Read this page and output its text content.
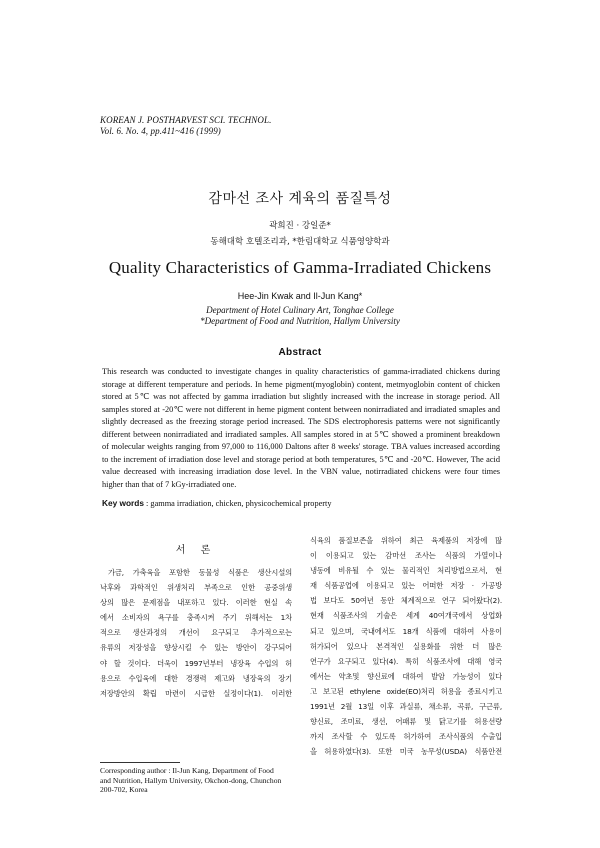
KOREAN J. POSTHARVEST SCI. TECHNOL.
Vol. 6. No. 4, pp.411~416 (1999)
감마선 조사 계육의 품질특성
곽희진 · 강일준*
동해대학 호텔조리과, *한림대학교 식품영양학과
Quality Characteristics of Gamma-Irradiated Chickens
Hee-Jin Kwak and Il-Jun Kang*
Department of Hotel Culinary Art, Tonghae College
*Department of Food and Nutrition, Hallym University
Abstract
This research was conducted to investigate changes in quality characteristics of gamma-irradiated chickens during
storage at different temperature and periods. In heme pigment(myoglobin) content, metmyoglobin content of chicken
stored at 5℃ was not affected by gamma irradiation but slightly increased with the increase in storage period. All
samples stored at -20℃ were not different in heme pigment content between nonirradiated and irradiated smaples and
slightly decreased as the freezing storage period increased. The SDS electrophoresis patterns were not significantly
different between nonirradiated and irradiated samples. All samples stored in at 5℃ showed a prominent breakdown
of molecular weights ranging from 97,000 to 116,000 Daltons after 8 weeks' storage. TBA values increased according
to the increment of irradiation dose level and storage period at both temperatures, 5℃ and -20℃. However, The acid
value decreased with increasing irradiation dose level. In the VBN value, notirradiated chickens were four times
higher than that of 7 kGy-irradiated one.
Key words : gamma irradiation, chicken, physicochemical property
서 론
가금, 가축육을 포함한 동물성 식품은 생산시설의
낙후와 과학적인 위생처리 부족으로 인한 공중위생
상의 많은 문제점을 내포하고 있다. 이러한 현실 속
에서 소비자의 욕구를 충족시켜 주기 위해서는 1차
적으로 생산과정의 개선이 요구되고 추가적으로는
유류의 저장성을 향상시킬 수 있는 방안이 강구되어
야 할 것이다. 더욱이 1997년부터 냉장육 수입의 허
용으로 수입육에 대한 경쟁력 제고와 냉장육의 장기
저장방안의 확립 마련이 시급한 실정이다(1). 이러한
Corresponding author : Il-Jun Kang, Department of Food
and Nutrition, Hallym University, Okchon-dong, Chunchon
200-702, Korea
식육의 품질보존을 위하여 최근 육제품의 저장에 많
이 이용되고 있는 감마선 조사는 식품의 가열이나
냉동에 비유될 수 있는 물리적인 처리방법으로서, 현
재 식품공업에 이용되고 있는 어떠한 저장 · 가공방
법 보다도 50여년 동안 체계적으로 연구 되어왔다(2).
현재 식품조사의 기술은 세계 40여개국에서 상업화
되고 있으며, 국내에서도 18개 식품에 대하여 사용이
허가되어 있으나 본격적인 실용화를 위한 더 많은
연구가 요구되고 있다(4). 특히 식품조사에 대해 영국
에서는 약초및 향신료에 대하여 발암 가능성이 있다
고 보고된 ethylene oxide(EO)처리 허용을 종료시키고
1991년 2월 13일 이후 과실류, 채소류, 곡류, 구근류,
향신료, 조미료, 생선, 어패류 및 닭고기를 허용선량
까지 조사할 수 있도록 허가하여 조사식품의 수출입
을 허용하였다(3). 또한 미국 농무성(USDA) 식품안전
